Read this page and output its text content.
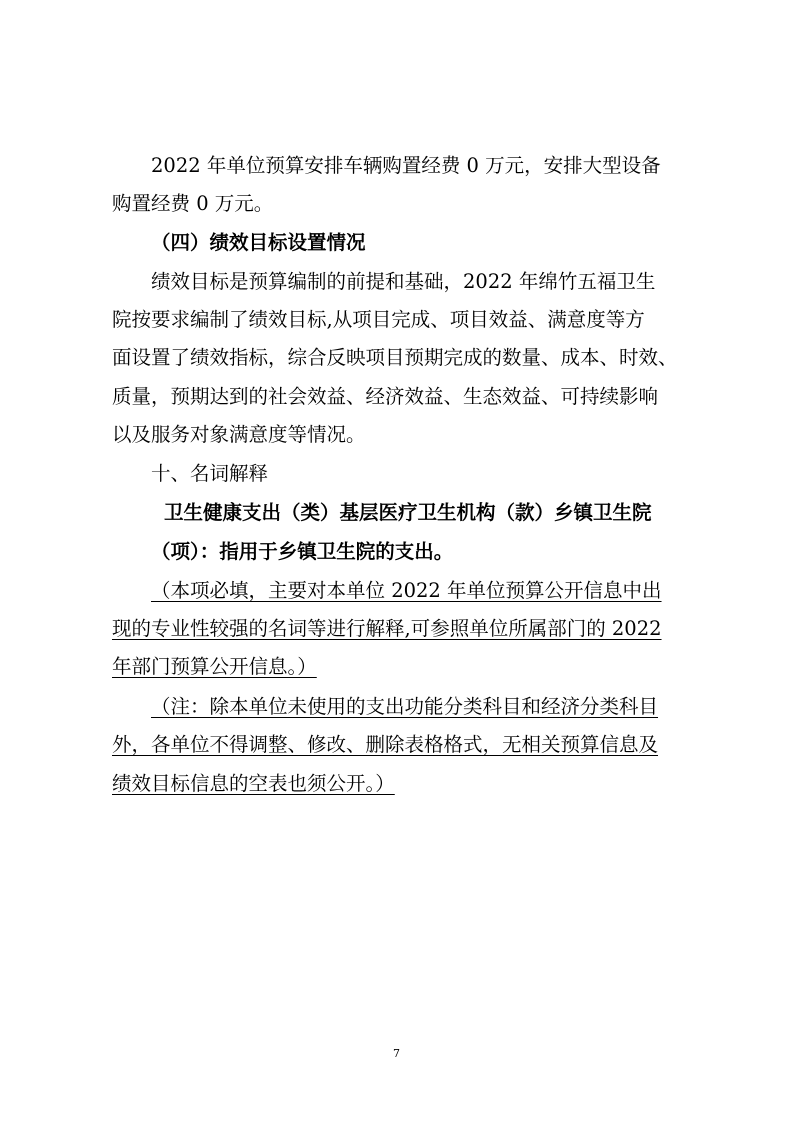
2022 年单位预算安排车辆购置经费 0 万元，安排大型设备
购置经费 0 万元。
（四）绩效目标设置情况
绩效目标是预算编制的前提和基础，2022 年绵竹五福卫生
院按要求编制了绩效目标,从项目完成、项目效益、满意度等方
面设置了绩效指标，综合反映项目预期完成的数量、成本、时效、
质量，预期达到的社会效益、经济效益、生态效益、可持续影响
以及服务对象满意度等情况。
十、名词解释
卫生健康支出（类）基层医疗卫生机构（款）乡镇卫生院
（项）：指用于乡镇卫生院的支出。
（本项必填，主要对本单位 2022 年单位预算公开信息中出
现的专业性较强的名词等进行解释,可参照单位所属部门的 2022
年部门预算公开信息。）
（注：除本单位未使用的支出功能分类科目和经济分类科目
外，各单位不得调整、修改、删除表格格式，无相关预算信息及
绩效目标信息的空表也须公开。）
7
